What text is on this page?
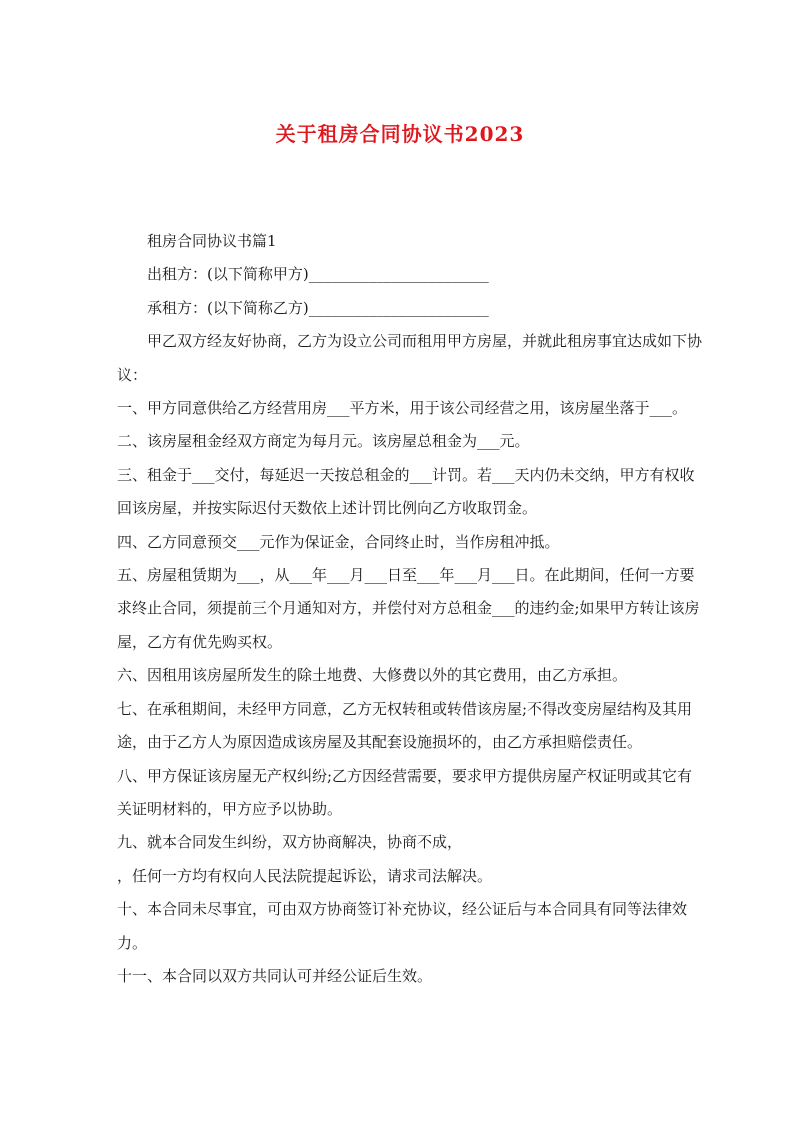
关于租房合同协议书2023

租房合同协议书篇1

出租方：(以下简称甲方)________________________

承租方：(以下简称乙方)________________________

甲乙双方经友好协商，乙方为设立公司而租用甲方房屋，并就此租房事宜达成如下协议：

一、甲方同意供给乙方经营用房___平方米，用于该公司经营之用，该房屋坐落于___。

二、该房屋租金经双方商定为每月元。该房屋总租金为___元。

三、租金于___交付，每延迟一天按总租金的___计罚。若___天内仍未交纳，甲方有权收回该房屋，并按实际迟付天数依上述计罚比例向乙方收取罚金。

四、乙方同意预交___元作为保证金，合同终止时，当作房租冲抵。

五、房屋租赁期为___，从___年___月___日至___年___月___日。在此期间，任何一方要求终止合同，须提前三个月通知对方，并偿付对方总租金___的违约金;如果甲方转让该房屋，乙方有优先购买权。

六、因租用该房屋所发生的除土地费、大修费以外的其它费用，由乙方承担。

七、在承租期间，未经甲方同意，乙方无权转租或转借该房屋;不得改变房屋结构及其用途，由于乙方人为原因造成该房屋及其配套设施损坏的，由乙方承担赔偿责任。

八、甲方保证该房屋无产权纠纷;乙方因经营需要，要求甲方提供房屋产权证明或其它有关证明材料的，甲方应予以协助。

九、就本合同发生纠纷，双方协商解决，协商不成，

，任何一方均有权向人民法院提起诉讼，请求司法解决。

十、本合同未尽事宜，可由双方协商签订补充协议，经公证后与本合同具有同等法律效力。

十一、本合同以双方共同认可并经公证后生效。
